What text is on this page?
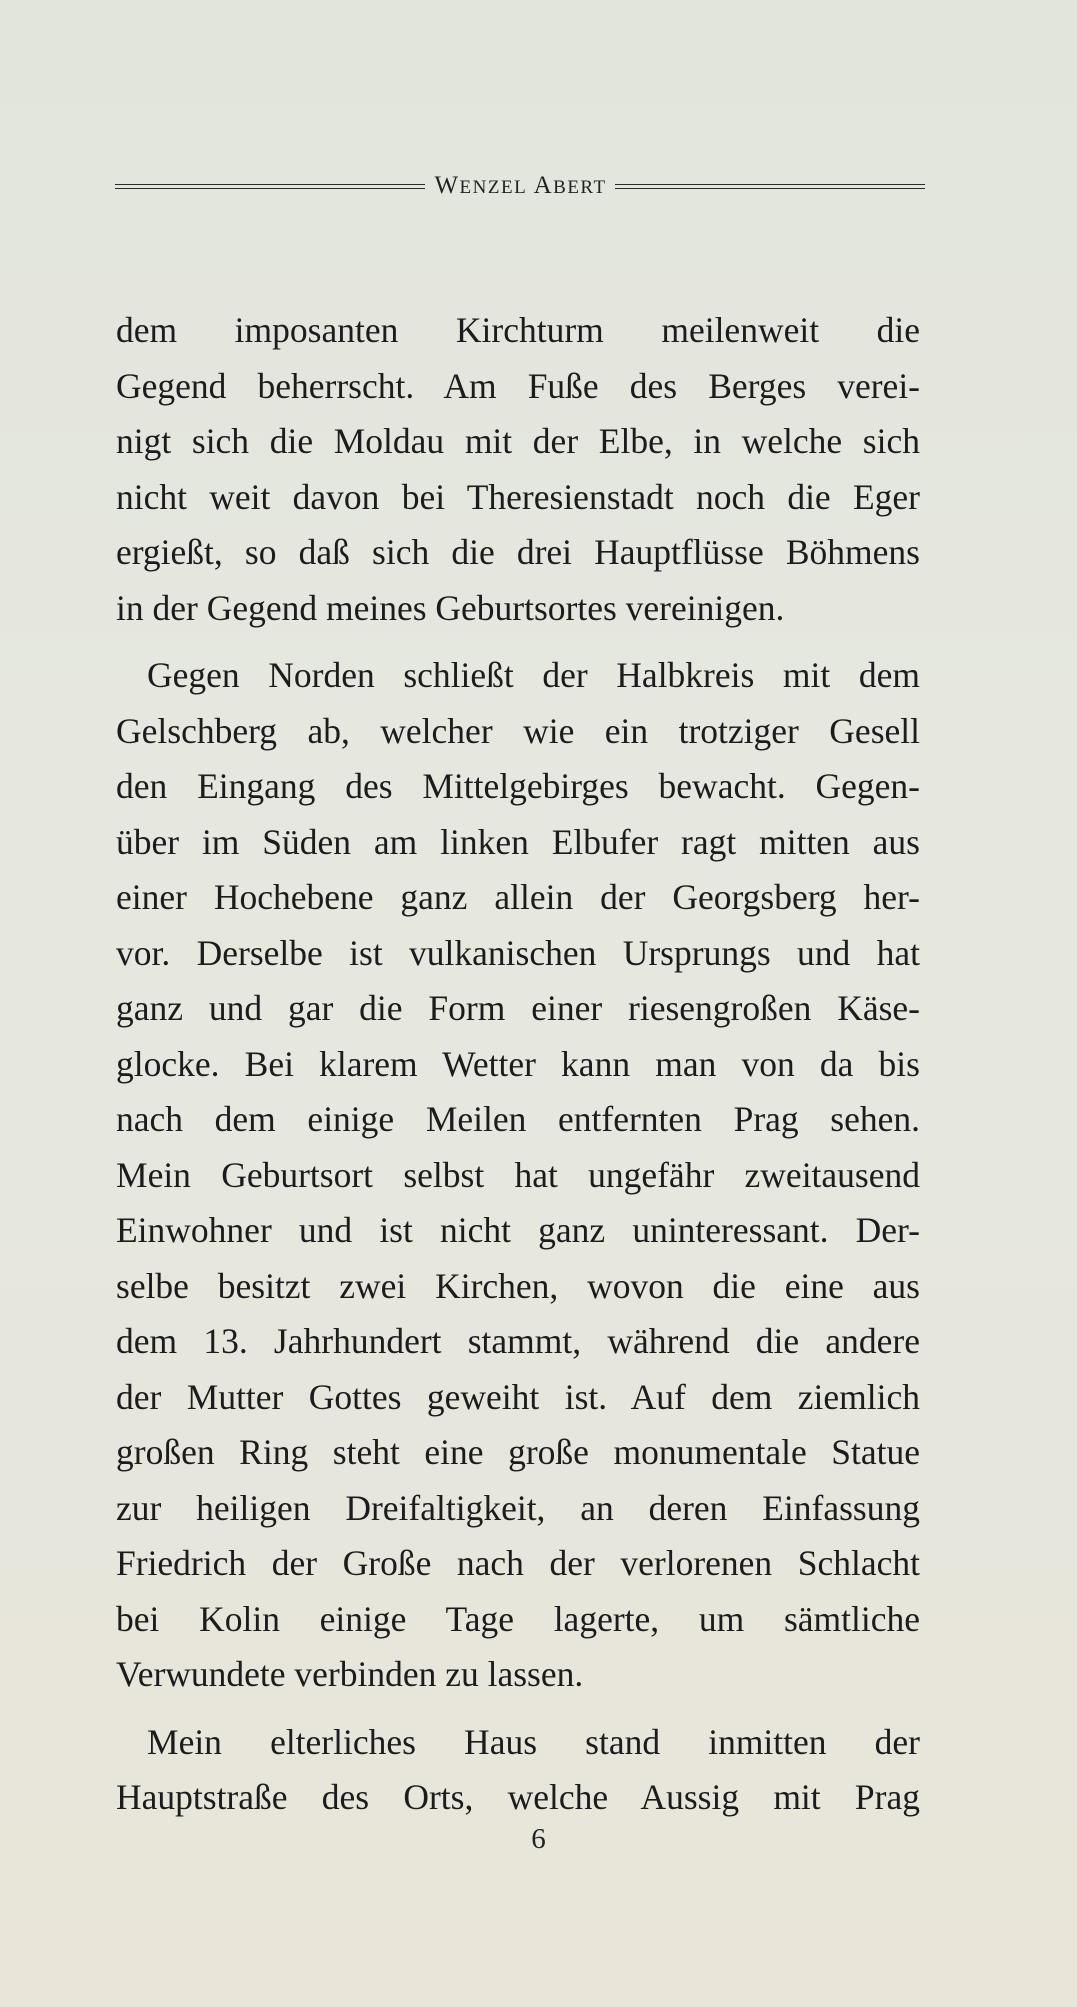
WENZEL ABERT
dem imposanten Kirchturm meilenweit die
Gegend beherrscht. Am Fuße des Berges verei-
nigt sich die Moldau mit der Elbe, in welche sich
nicht weit davon bei Theresienstadt noch die Eger
ergießt, so daß sich die drei Hauptflüsse Böhmens
in der Gegend meines Geburtsortes vereinigen.
Gegen Norden schließt der Halbkreis mit dem
Gelschberg ab, welcher wie ein trotziger Gesell
den Eingang des Mittelgebirges bewacht. Gegen-
über im Süden am linken Elbufer ragt mitten aus
einer Hochebene ganz allein der Georgsberg her-
vor. Derselbe ist vulkanischen Ursprungs und hat
ganz und gar die Form einer riesengroßen Käse-
glocke. Bei klarem Wetter kann man von da bis
nach dem einige Meilen entfernten Prag sehen.
Mein Geburtsort selbst hat ungefähr zweitausend
Einwohner und ist nicht ganz uninteressant. Der-
selbe besitzt zwei Kirchen, wovon die eine aus
dem 13. Jahrhundert stammt, während die andere
der Mutter Gottes geweiht ist. Auf dem ziemlich
großen Ring steht eine große monumentale Statue
zur heiligen Dreifaltigkeit, an deren Einfassung
Friedrich der Große nach der verlorenen Schlacht
bei Kolin einige Tage lagerte, um sämtliche
Verwundete verbinden zu lassen.
Mein elterliches Haus stand inmitten der
Hauptstraße des Orts, welche Aussig mit Prag
6
